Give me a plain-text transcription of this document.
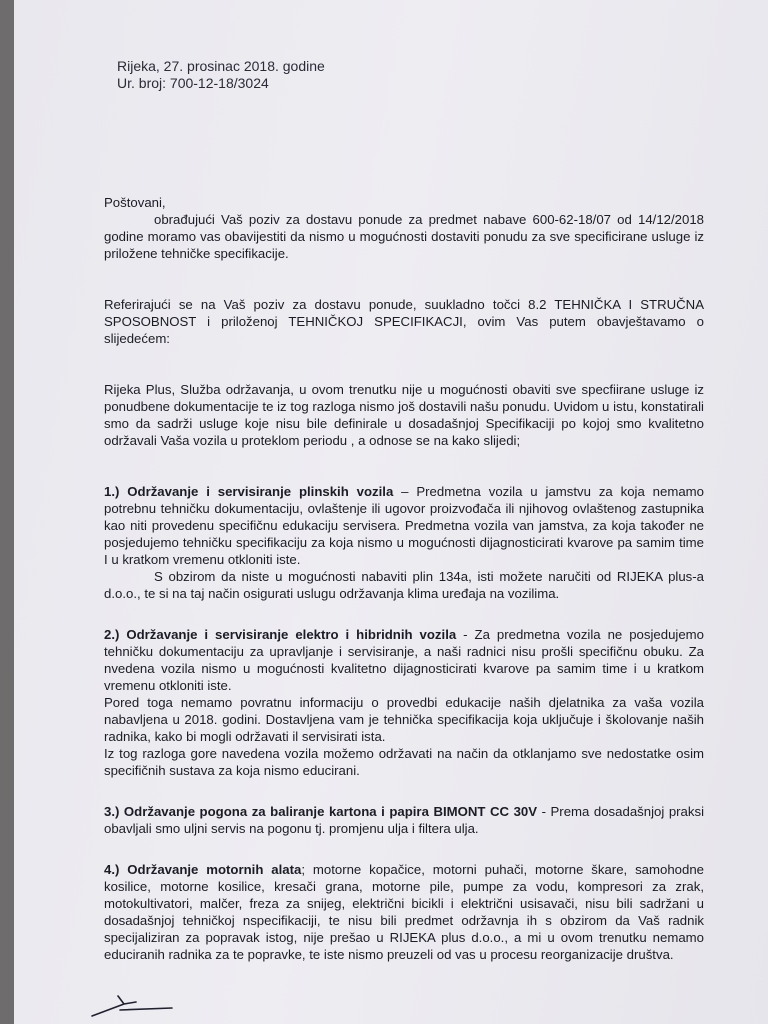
Rijeka, 27. prosinac 2018. godine
Ur. broj: 700-12-18/3024

Poštovani,

obrađujući Vaš poziv za dostavu ponude za predmet nabave 600-62-18/07 od 14/12/2018 godine moramo vas obavijestiti da nismo u mogućnosti dostaviti ponudu za sve specificirane usluge iz priložene tehničke specifikacije.

Referirajući se na Vaš poziv za dostavu ponude, suukladno točci 8.2 TEHNIČKA I STRUČNA SPOSOBNOST i priloženoj TEHNIČKOJ SPECIFIKACJI, ovim Vas putem obavještavamo o slijedećem:

Rijeka Plus, Služba održavanja, u ovom trenutku nije u mogućnosti obaviti sve specfiirane usluge iz ponudbene dokumentacije te iz tog razloga nismo još dostavili našu ponudu. Uvidom u istu, konstatirali smo da sadrži usluge koje nisu bile definirale u dosadašnjoj Specifikaciji po kojoj smo kvalitetno održavali Vaša vozila u proteklom periodu , a odnose se na kako slijedi;

1.) Održavanje i servisiranje plinskih vozila – Predmetna vozila u jamstvu za koja nemamo potrebnu tehničku dokumentaciju, ovlaštenje ili ugovor proizvođača ili njihovog ovlaštenog zastupnika kao niti provedenu specifičnu edukaciju servisera. Predmetna vozila van jamstva, za koja također ne posjedujemo tehničku specifikaciju za koja nismo u mogućnosti dijagnosticirati kvarove pa samim time I u kratkom vremenu otkloniti iste.

S obzirom da niste u mogućnosti nabaviti plin 134a, isti možete naručiti od RIJEKA plus-a d.o.o., te si na taj način osigurati uslugu održavanja klima uređaja na vozilima.

2.) Održavanje i servisiranje elektro i hibridnih vozila - Za predmetna vozila ne posjedujemo tehničku dokumentaciju za upravljanje i servisiranje, a naši radnici nisu prošli specifičnu obuku. Za nvedena vozila nismo u mogućnosti kvalitetno dijagnosticirati kvarove pa samim time i u kratkom vremenu otkloniti iste.

Pored toga nemamo povratnu informaciju o provedbi edukacije naših djelatnika za vaša vozila nabavljena u 2018. godini. Dostavljena vam je tehnička specifikacija koja uključuje i školovanje naših radnika, kako bi mogli održavati il servisirati ista.

Iz tog razloga gore navedena vozila možemo održavati na način da otklanjamo sve nedostatke osim specifičnih sustava za koja nismo educirani.

3.) Održavanje pogona za baliranje kartona i papira BIMONT CC 30V - Prema dosadašnjoj praksi obavljali smo uljni servis na pogonu tj. promjenu ulja i filtera ulja.

4.) Održavanje motornih alata; motorne kopačice, motorni puhači, motorne škare, samohodne kosilice, motorne kosilice, kresači grana, motorne pile, pumpe za vodu, kompresori za zrak, motokultivatori, malčer, freza za snijeg, električni bicikli i električni usisavači, nisu bili sadržani u dosadašnjoj tehničkoj nspecifikaciji, te nisu bili predmet održavnja ih s obzirom da Vaš radnik specijaliziran za popravak istog, nije prešao u RIJEKA plus d.o.o., a mi u ovom trenutku nemamo educiranih radnika za te popravke, te iste nismo preuzeli od vas u procesu reorganizacije društva.
